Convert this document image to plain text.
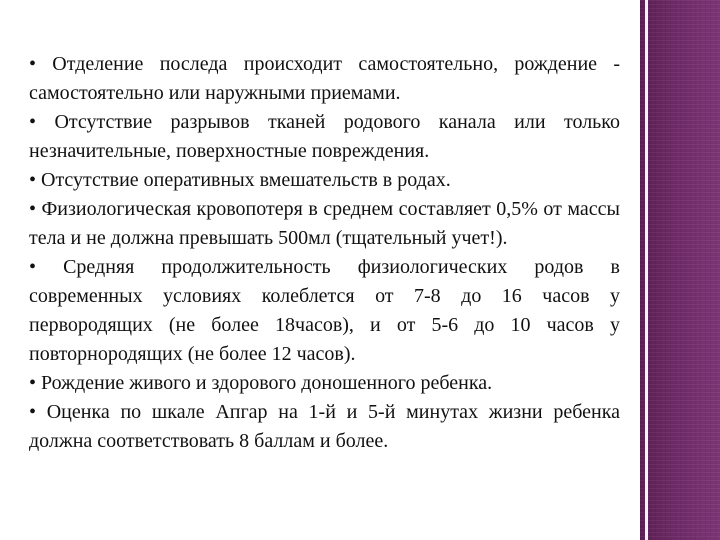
• Отделение последа происходит самостоятельно, рождение - самостоятельно или наружными приемами.

• Отсутствие разрывов тканей родового канала или только незначительные, поверхностные повреждения.

• Отсутствие оперативных вмешательств в родах.

• Физиологическая кровопотеря в среднем составляет 0,5% от массы тела и не должна превышать 500мл (тщательный учет!).

• Средняя продолжительность физиологических родов в современных условиях колеблется от 7-8 до 16 часов у первородящих (не более 18часов), и от 5-6 до 10 часов у повторнородящих (не более 12 часов).

• Рождение живого и здорового доношенного ребенка.

• Оценка по шкале Апгар на 1-й и 5-й минутах жизни ребенка должна соответствовать 8 баллам и более.
